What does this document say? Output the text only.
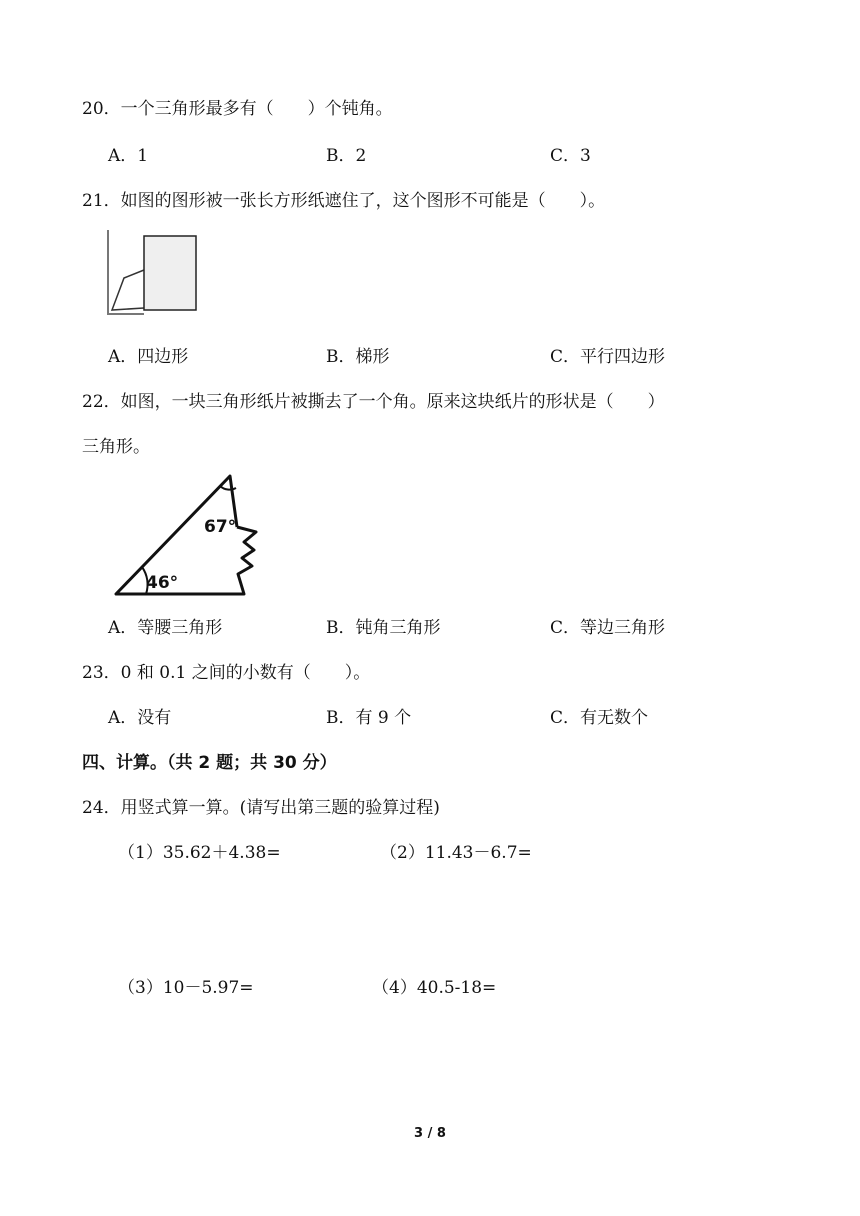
20．一个三角形最多有（　　）个钝角。
A．1	B．2	C．3
21．如图的图形被一张长方形纸遮住了，这个图形不可能是（　　）。
A．四边形	B．梯形	C．平行四边形
22．如图，一块三角形纸片被撕去了一个角。原来这块纸片的形状是（　　）
三角形。
67°
46°
A．等腰三角形	B．钝角三角形	C．等边三角形
23．0 和 0.1 之间的小数有（　　）。
A．没有	B．有 9 个	C．有无数个
四、计算。（共 2 题；共 30 分）
24．用竖式算一算。(请写出第三题的验算过程)
（1）35.62＋4.38=	（2）11.43－6.7=
（3）10－5.97=	（4）40.5-18=
3 / 8
